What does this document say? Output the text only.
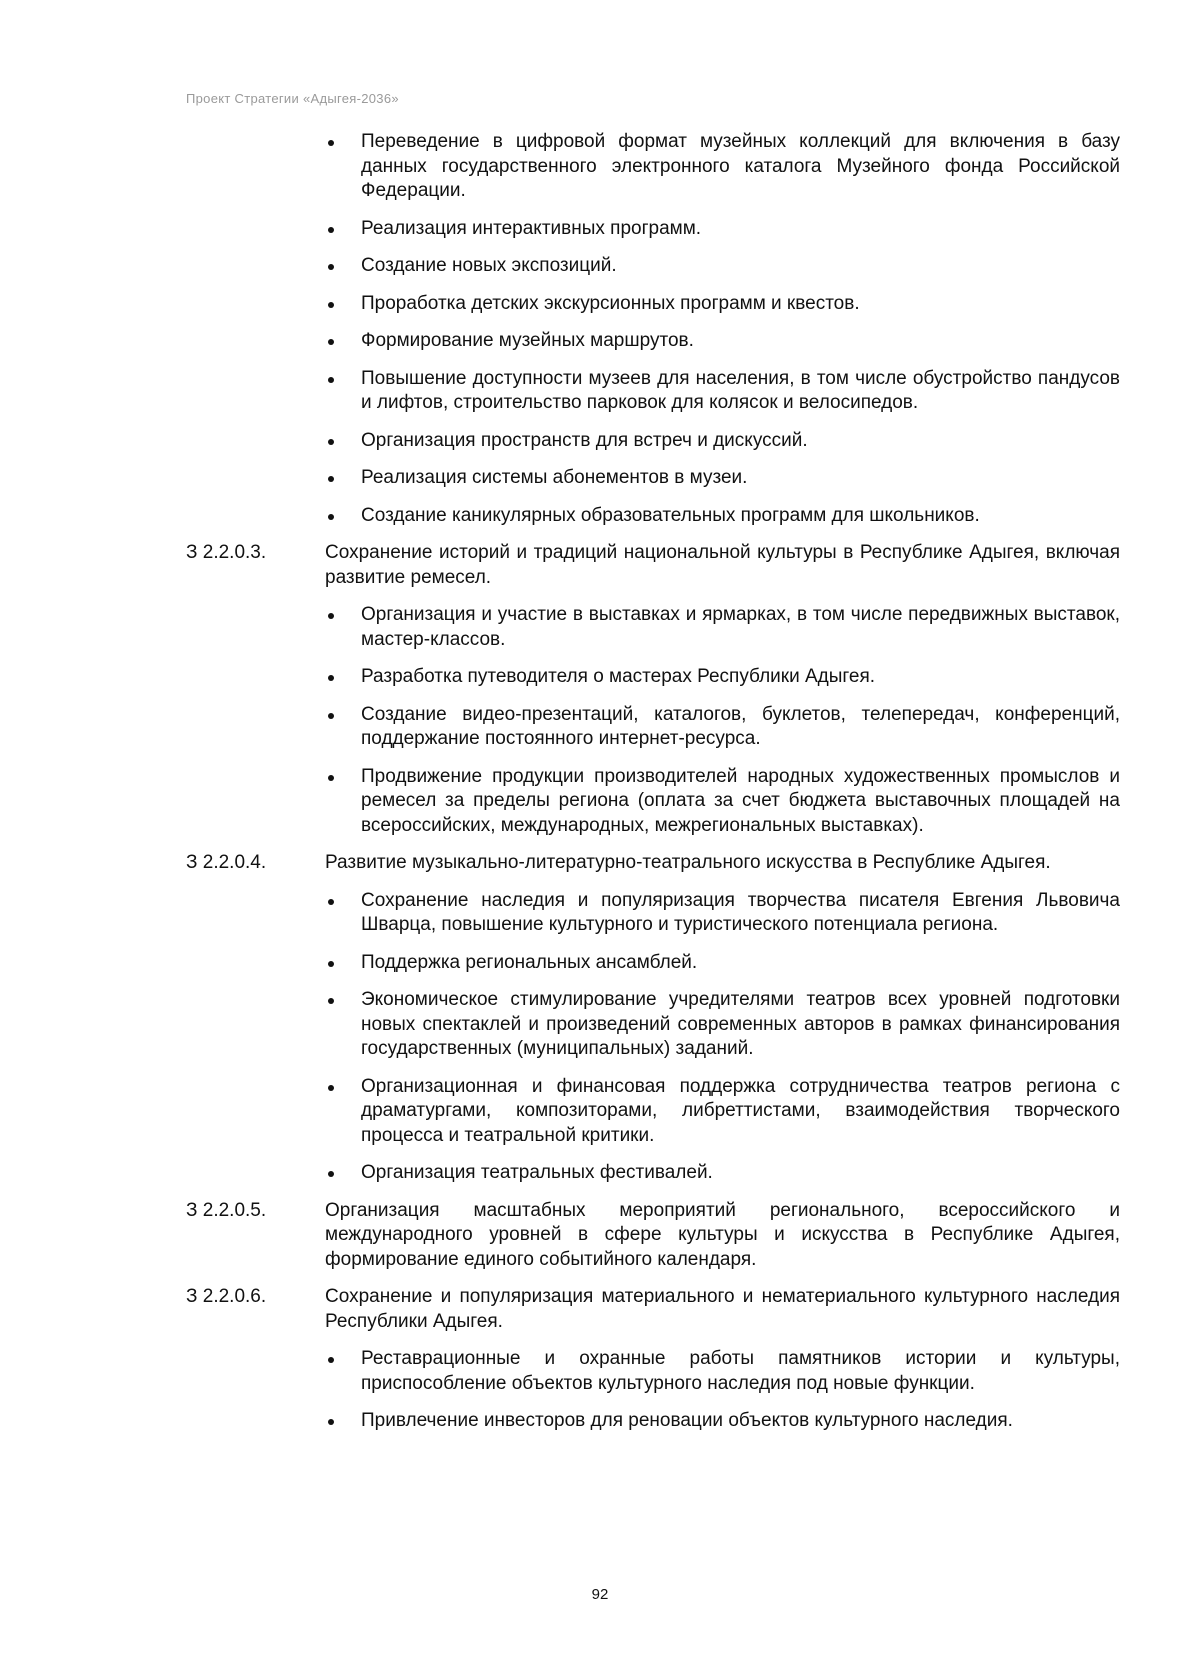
Проект Стратегии «Адыгея-2036»
Переведение в цифровой формат музейных коллекций для включения в базу данных государственного электронного каталога Музейного фонда Российской Федерации.
Реализация интерактивных программ.
Создание новых экспозиций.
Проработка детских экскурсионных программ и квестов.
Формирование музейных маршрутов.
Повышение доступности музеев для населения, в том числе обустройство пандусов и лифтов, строительство парковок для колясок и велосипедов.
Организация пространств для встреч и дискуссий.
Реализация системы абонементов в музеи.
Создание каникулярных образовательных программ для школьников.
З 2.2.0.3.	Сохранение историй и традиций национальной культуры в Республике Адыгея, включая развитие ремесел.
Организация и участие в выставках и ярмарках, в том числе передвижных выставок, мастер-классов.
Разработка путеводителя о мастерах Республики Адыгея.
Создание видео-презентаций, каталогов, буклетов, телепередач, конференций, поддержание постоянного интернет-ресурса.
Продвижение продукции производителей народных художественных промыслов и ремесел за пределы региона (оплата за счет бюджета выставочных площадей на всероссийских, международных, межрегиональных выставках).
З 2.2.0.4.	Развитие музыкально-литературно-театрального искусства в Республике Адыгея.
Сохранение наследия и популяризация творчества писателя Евгения Львовича Шварца, повышение культурного и туристического потенциала региона.
Поддержка региональных ансамблей.
Экономическое стимулирование учредителями театров всех уровней подготовки новых спектаклей и произведений современных авторов в рамках финансирования государственных (муниципальных) заданий.
Организационная и финансовая поддержка сотрудничества театров региона с драматургами, композиторами, либреттистами, взаимодействия творческого процесса и театральной критики.
Организация театральных фестивалей.
З 2.2.0.5.	Организация масштабных мероприятий регионального, всероссийского и международного уровней в сфере культуры и искусства в Республике Адыгея, формирование единого событийного календаря.
З 2.2.0.6.	Сохранение и популяризация материального и нематериального культурного наследия Республики Адыгея.
Реставрационные и охранные работы памятников истории и культуры, приспособление объектов культурного наследия под новые функции.
Привлечение инвесторов для реновации объектов культурного наследия.
92
